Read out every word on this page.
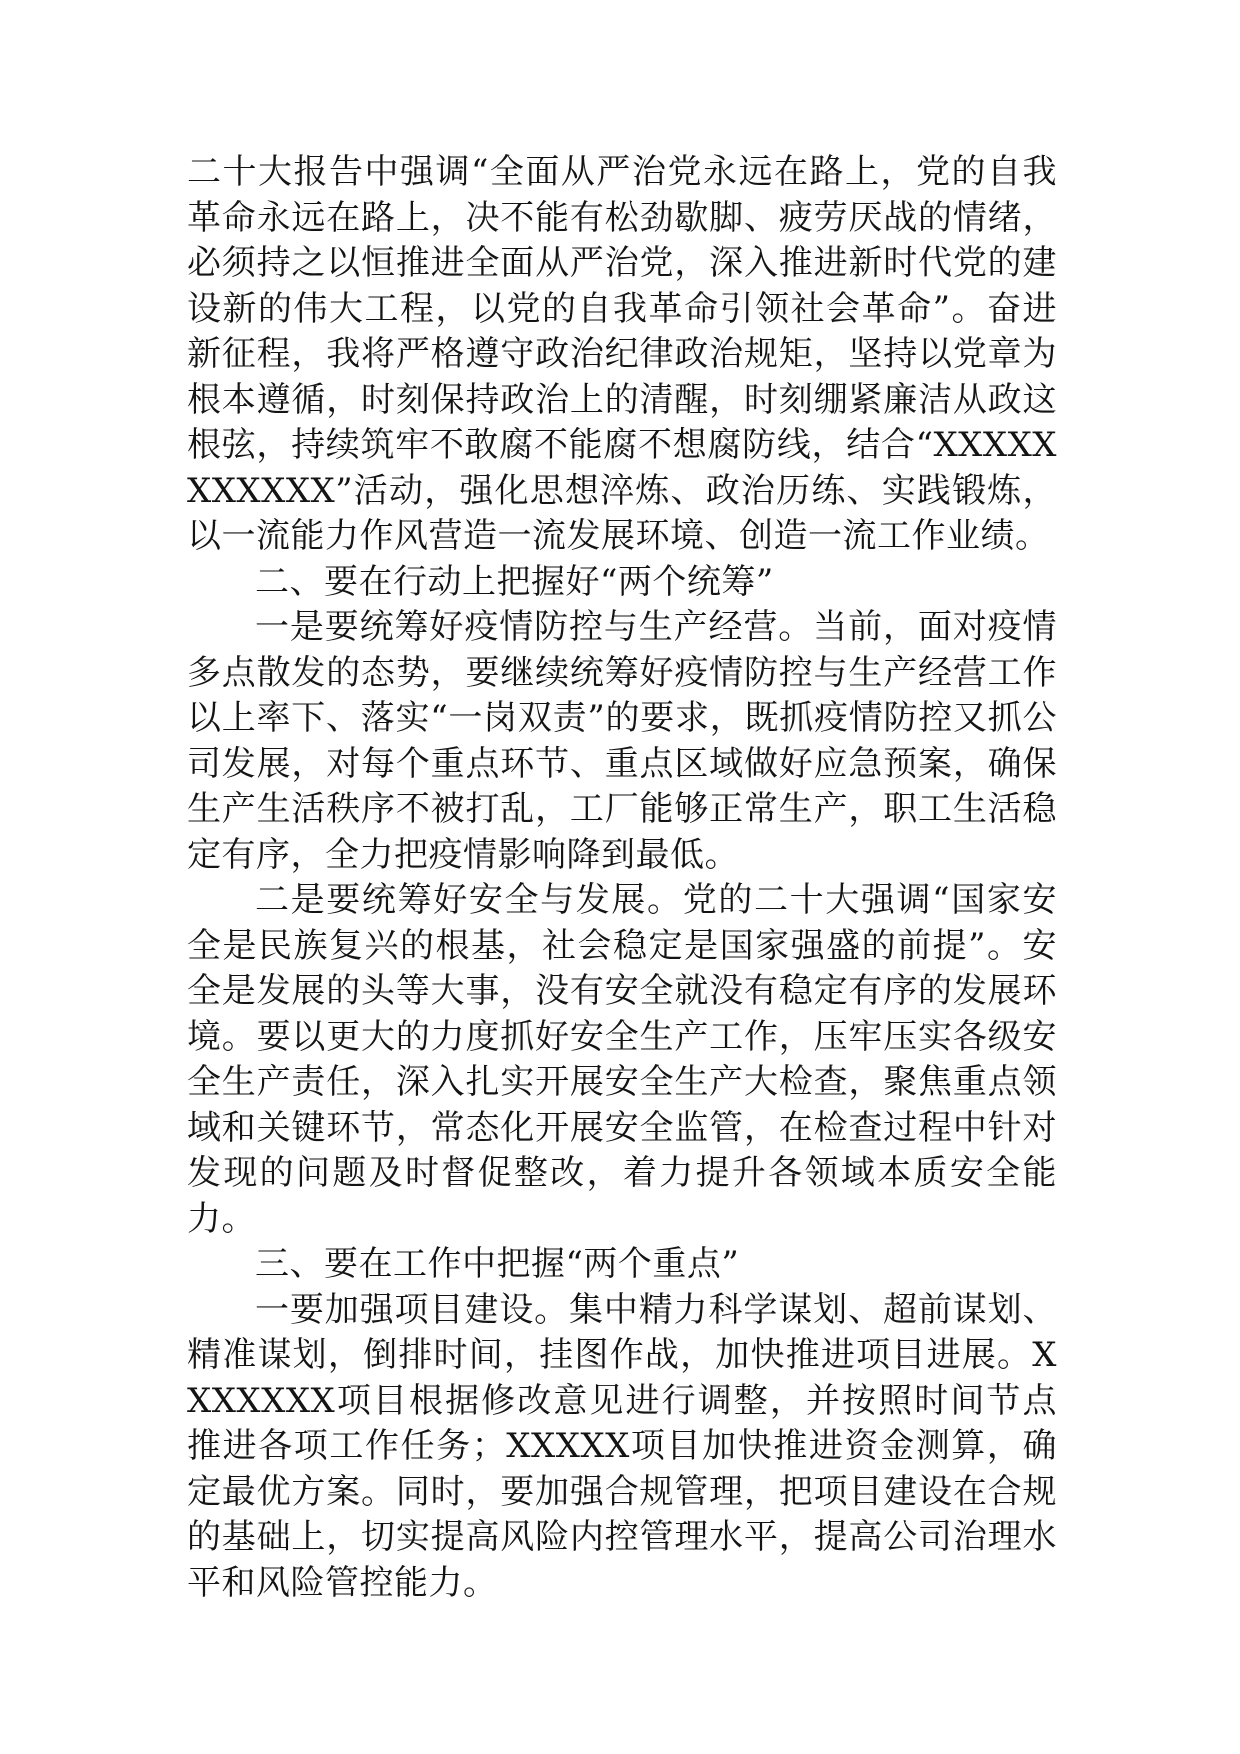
二十大报告中强调“全面从严治党永远在路上，党的自我革命永远在路上，决不能有松劲歇脚、疲劳厌战的情绪，必须持之以恒推进全面从严治党，深入推进新时代党的建设新的伟大工程，以党的自我革命引领社会革命”。奋进新征程，我将严格遵守政治纪律政治规矩，坚持以党章为根本遵循，时刻保持政治上的清醒，时刻绷紧廉洁从政这根弦，持续筑牢不敢腐不能腐不想腐防线，结合“XXXXXXXXXXX”活动，强化思想淬炼、政治历练、实践锻炼，以一流能力作风营造一流发展环境、创造一流工作业绩。

二、要在行动上把握好“两个统筹”

一是要统筹好疫情防控与生产经营。当前，面对疫情多点散发的态势，要继续统筹好疫情防控与生产经营工作以上率下、落实“一岗双责”的要求，既抓疫情防控又抓公司发展，对每个重点环节、重点区域做好应急预案，确保生产生活秩序不被打乱，工厂能够正常生产，职工生活稳定有序，全力把疫情影响降到最低。

二是要统筹好安全与发展。党的二十大强调“国家安全是民族复兴的根基，社会稳定是国家强盛的前提”。安全是发展的头等大事，没有安全就没有稳定有序的发展环境。要以更大的力度抓好安全生产工作，压牢压实各级安全生产责任，深入扎实开展安全生产大检查，聚焦重点领域和关键环节，常态化开展安全监管，在检查过程中针对发现的问题及时督促整改，着力提升各领域本质安全能力。

三、要在工作中把握“两个重点”

一要加强项目建设。集中精力科学谋划、超前谋划、精准谋划，倒排时间，挂图作战，加快推进项目进展。XXXXXXX项目根据修改意见进行调整，并按照时间节点推进各项工作任务；XXXXX项目加快推进资金测算，确定最优方案。同时，要加强合规管理，把项目建设在合规的基础上，切实提高风险内控管理水平，提高公司治理水平和风险管控能力。
